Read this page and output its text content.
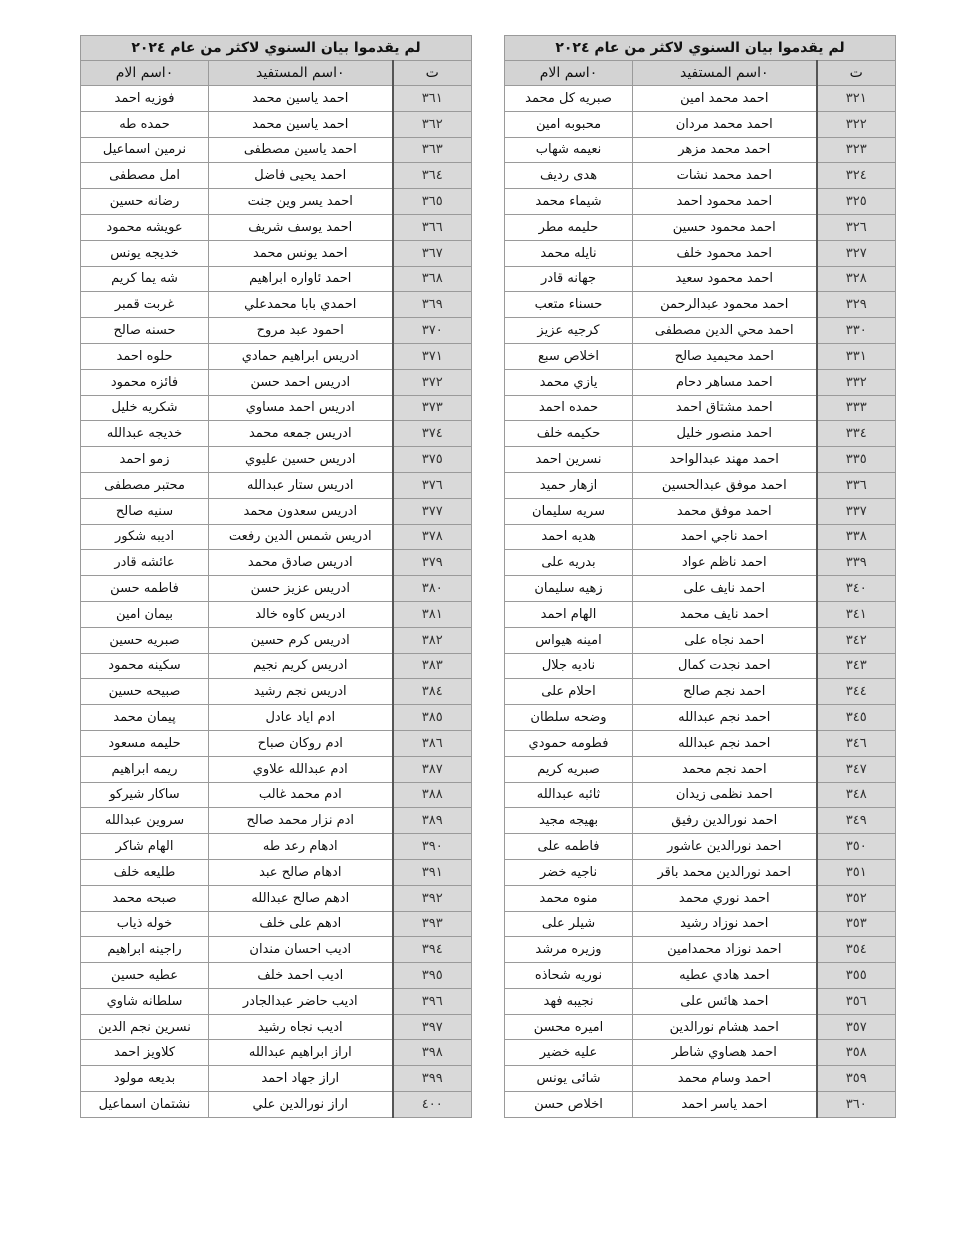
لم يقدموا بيان السنوي لاكثر من عام ٢٠٢٤		
ت	٠اسم المستفيد	٠اسم الام
٣٢١	احمد محمد امين	صبريه كل محمد
٣٢٢	احمد محمد مردان	محبوبه امين
٣٢٣	احمد محمد مزهر	نعيمه شهاب
٣٢٤	احمد محمد نشات	هدى رديف
٣٢٥	احمد محمود احمد	شيماء محمد
٣٢٦	احمد محمود حسين	حليمه مطر
٣٢٧	احمد محمود خلف	نايله محمد
٣٢٨	احمد محمود سعيد	جهانه قادر
٣٢٩	احمد محمود عبدالرحمن	حسناء متعب
٣٣٠	احمد محي الدين مصطفى	كرجيه عزيز
٣٣١	احمد محيميد صالح	اخلاص سبع
٣٣٢	احمد مساهر دحام	يازي محمد
٣٣٣	احمد مشتاق احمد	حمده احمد
٣٣٤	احمد منصور خليل	حكيمه خلف
٣٣٥	احمد مهند عبدالواحد	نسرين احمد
٣٣٦	احمد موفق عبدالحسين	ازهار حميد
٣٣٧	احمد موفق محمد	سريه سليمان
٣٣٨	احمد ناجي احمد	هديه احمد
٣٣٩	احمد ناظم عواد	بدريه على
٣٤٠	احمد نايف على	زهيه سليمان
٣٤١	احمد نايف محمد	الهام احمد
٣٤٢	احمد نجاه على	امينه هيواس
٣٤٣	احمد نجدت كمال	ناديه جلال
٣٤٤	احمد نجم صالح	احلام على
٣٤٥	احمد نجم عبدالله	وضحه سلطان
٣٤٦	احمد نجم عبدالله	فطومه حمودي
٣٤٧	احمد نجم محمد	صبريه كريم
٣٤٨	احمد نظمى زيدان	ثائبه عبدالله
٣٤٩	احمد نورالدين رفيق	بهيجه مجيد
٣٥٠	احمد نورالدين عاشور	فاطمه على
٣٥١	احمد نورالدين محمد باقر	ناجيه خضر
٣٥٢	احمد نوري محمد	منوه محمد
٣٥٣	احمد نوزاد رشيد	شيلر على
٣٥٤	احمد نوزاد محمدامين	وزيره مرشد
٣٥٥	احمد هادي عطيه	نوريه شحاذه
٣٥٦	احمد هائس على	نجيبه فهد
٣٥٧	احمد هشام نورالدين	اميره محسن
٣٥٨	احمد هصاوي شاطر	عليه خضير
٣٥٩	احمد وسام محمد	شائى يونس
٣٦٠	احمد ياسر احمد	اخلاص حسن
لم يقدموا بيان السنوي لاكثر من عام ٢٠٢٤		
ت	٠اسم المستفيد	٠اسم الام
٣٦١	احمد ياسين محمد	فوزيه احمد
٣٦٢	احمد ياسين محمد	حمده طه
٣٦٣	احمد ياسين مصطفى	نرمين اسماعيل
٣٦٤	احمد يحيى فاضل	امل مصطفى
٣٦٥	احمد يسر وين جنت	رضانه حسين
٣٦٦	احمد يوسف شريف	عويشه محمود
٣٦٧	احمد يونس محمد	خديجه يونس
٣٦٨	احمد ئاواره ابراهيم	شه يما كريم
٣٦٩	احمدي بابا محمدعلي	غربت قمبر
٣٧٠	احمود عبد مروح	حسنه صالح
٣٧١	ادريس ابراهيم حمادي	حلوه احمد
٣٧٢	ادريس احمد حسن	فائزه محمود
٣٧٣	ادريس احمد مساوي	شكريه خليل
٣٧٤	ادريس جمعه محمد	خديجه عبدالله
٣٧٥	ادريس حسين عليوي	زمو احمد
٣٧٦	ادريس ستار عبدالله	محتبر مصطفى
٣٧٧	ادريس سعدون محمد	سنيه صالح
٣٧٨	ادريس شمس الدين رفعت	اديبه شكور
٣٧٩	ادريس صادق محمد	عائشه قادر
٣٨٠	ادريس عزيز حسن	فاطمه حسن
٣٨١	ادريس كاوه خالد	بيمان امين
٣٨٢	ادريس كرم حسين	صبريه حسين
٣٨٣	ادريس كريم نجيم	سكينه محمود
٣٨٤	ادريس نجم رشيد	صبيحه حسين
٣٨٥	ادم اياد عادل	پيمان محمد
٣٨٦	ادم روكان صباح	حليمه مسعود
٣٨٧	ادم عبدالله علاوي	ريمه ابراهيم
٣٨٨	ادم محمد غالب	ساكار شيركو
٣٨٩	ادم نزار محمد صالح	سروين عبدالله
٣٩٠	ادهام رعد طه	الهام شاكر
٣٩١	ادهام صالح عبد	طليعه خلف
٣٩٢	ادهم صالح عبدالله	صبحه محمد
٣٩٣	ادهم على خلف	خوله ذياب
٣٩٤	اديب احسان مندان	راجينه ابراهيم
٣٩٥	اديب احمد خلف	عطيه حسين
٣٩٦	اديب حاضر عبدالجادر	سلطانه شاوي
٣٩٧	اديب نجاه رشيد	نسرين نجم الدين
٣٩٨	اراز ابراهيم عبدالله	كلاويز احمد
٣٩٩	اراز جهاد احمد	بديعه مولود
٤٠٠	اراز نورالدين علي	نشتمان اسماعيل
